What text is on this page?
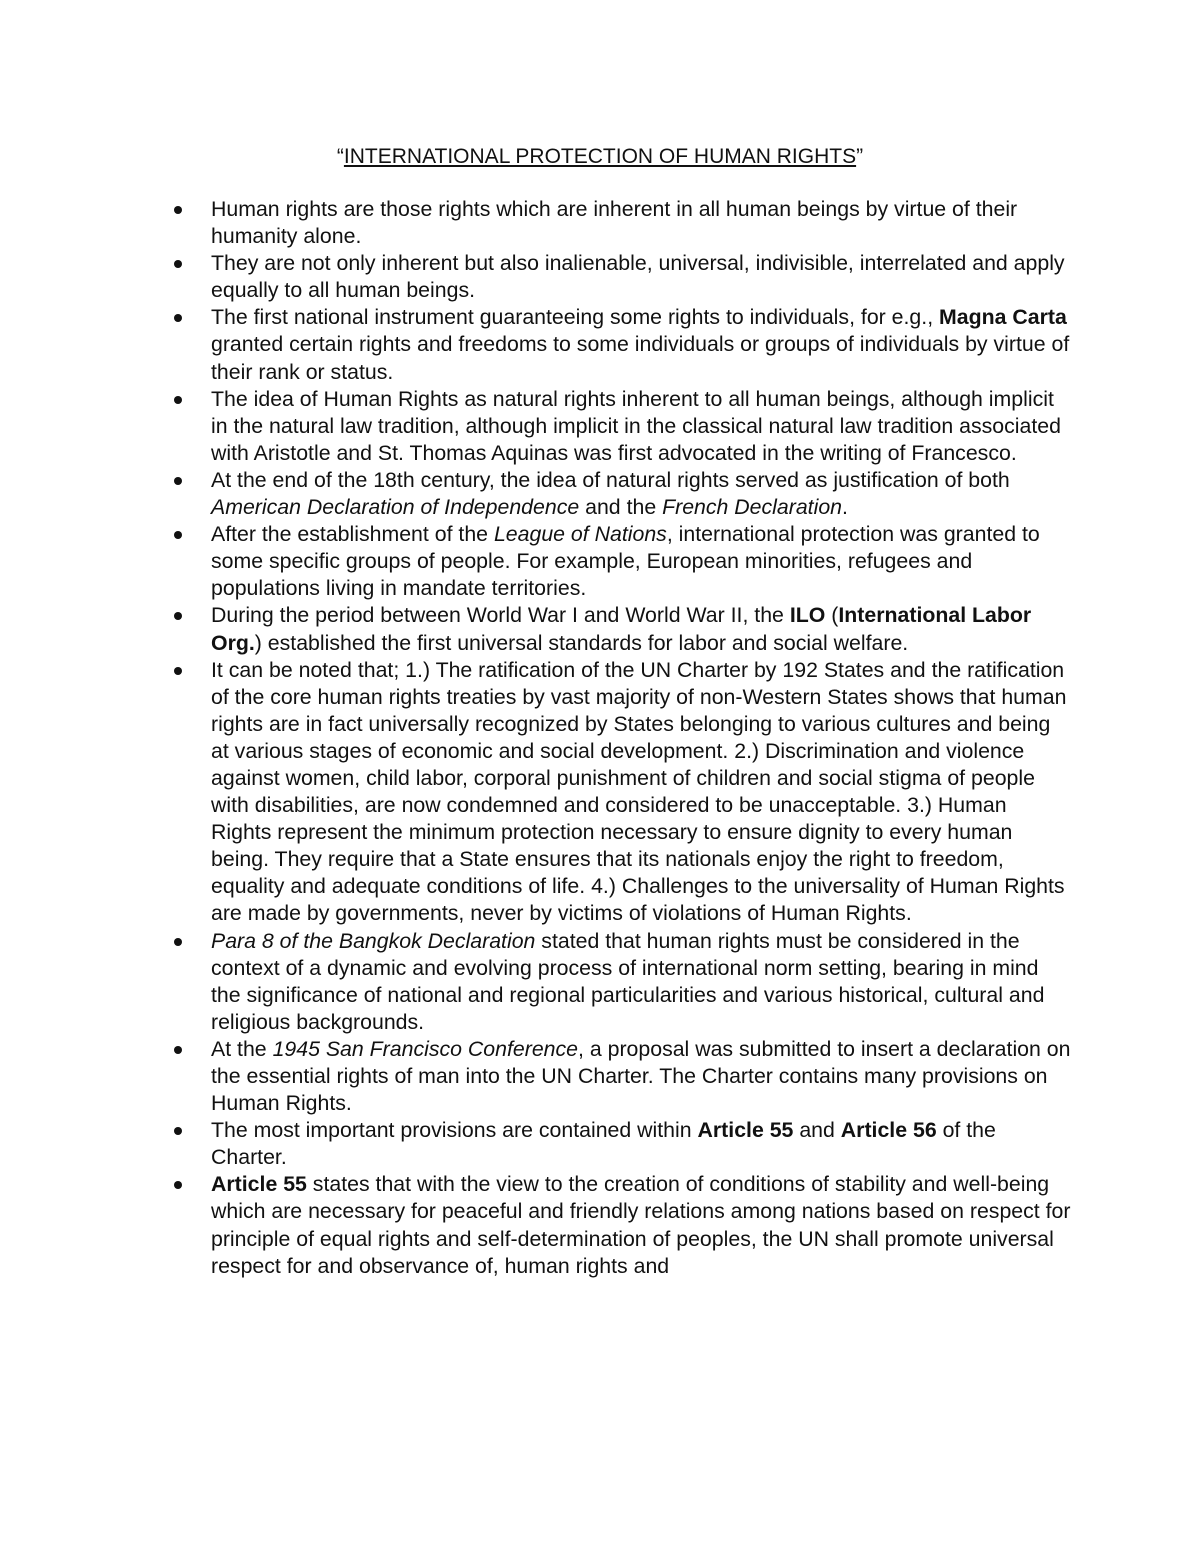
“INTERNATIONAL PROTECTION OF HUMAN RIGHTS”
Human rights are those rights which are inherent in all human beings by virtue of their humanity alone.
They are not only inherent but also inalienable, universal, indivisible, interrelated and apply equally to all human beings.
The first national instrument guaranteeing some rights to individuals, for e.g., Magna Carta granted certain rights and freedoms to some individuals or groups of individuals by virtue of their rank or status.
The idea of Human Rights as natural rights inherent to all human beings, although implicit in the natural law tradition, although implicit in the classical natural law tradition associated with Aristotle and St. Thomas Aquinas was first advocated in the writing of Francesco.
At the end of the 18th century, the idea of natural rights served as justification of both American Declaration of Independence and the French Declaration.
After the establishment of the League of Nations, international protection was granted to some specific groups of people. For example, European minorities, refugees and populations living in mandate territories.
During the period between World War I and World War II, the ILO (International Labor Org.) established the first universal standards for labor and social welfare.
It can be noted that; 1.) The ratification of the UN Charter by 192 States and the ratification of the core human rights treaties by vast majority of non-Western States shows that human rights are in fact universally recognized by States belonging to various cultures and being at various stages of economic and social development. 2.) Discrimination and violence against women, child labor, corporal punishment of children and social stigma of people with disabilities, are now condemned and considered to be unacceptable. 3.) Human Rights represent the minimum protection necessary to ensure dignity to every human being. They require that a State ensures that its nationals enjoy the right to freedom, equality and adequate conditions of life. 4.) Challenges to the universality of Human Rights are made by governments, never by victims of violations of Human Rights.
Para 8 of the Bangkok Declaration stated that human rights must be considered in the context of a dynamic and evolving process of international norm setting, bearing in mind the significance of national and regional particularities and various historical, cultural and religious backgrounds.
At the 1945 San Francisco Conference, a proposal was submitted to insert a declaration on the essential rights of man into the UN Charter. The Charter contains many provisions on Human Rights.
The most important provisions are contained within Article 55 and Article 56 of the Charter.
Article 55 states that with the view to the creation of conditions of stability and well-being which are necessary for peaceful and friendly relations among nations based on respect for principle of equal rights and self-determination of peoples, the UN shall promote universal respect for and observance of, human rights and
